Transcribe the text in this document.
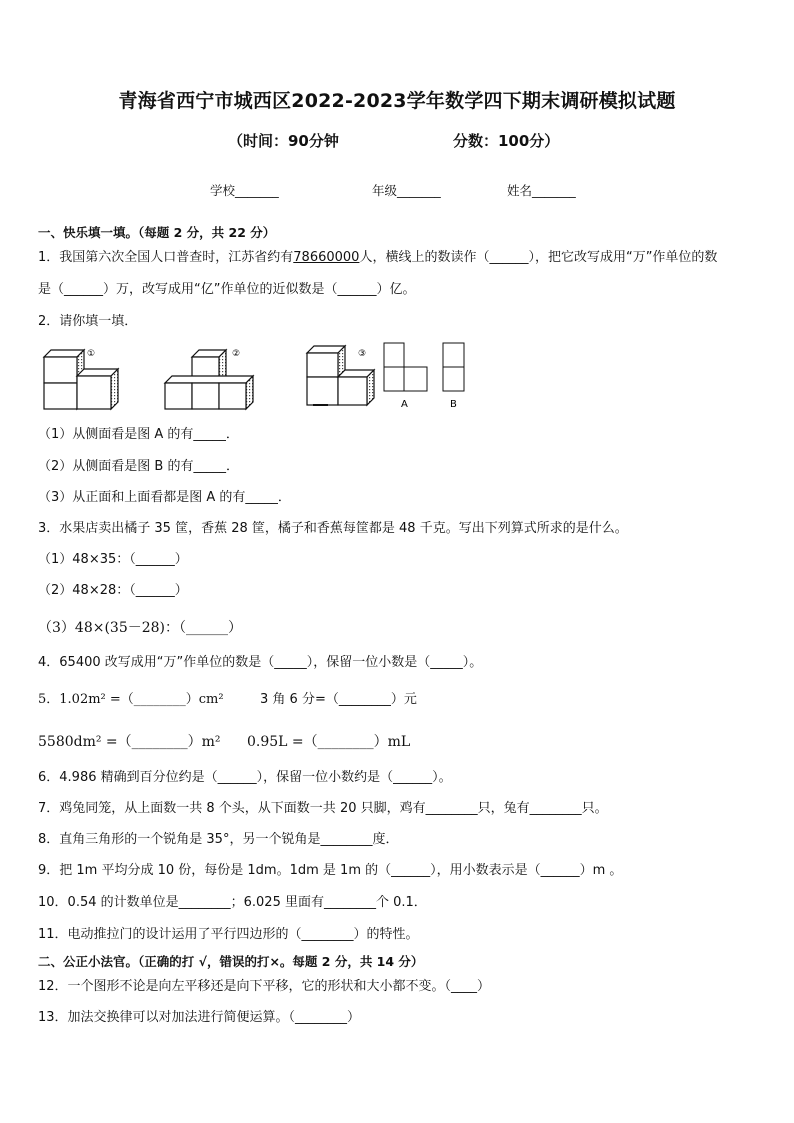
青海省西宁市城西区2022-2023学年数学四下期末调研模拟试题
（时间：90分钟	分数：100分）
学校_______	年级_______	姓名_______
一、快乐填一填。（每题 2 分，共 22 分）
1．我国第六次全国人口普查时，江苏省约有78660000人，横线上的数读作（______），把它改写成用“万”作单位的数
是（______）万，改写成用“亿”作单位的近似数是（______）亿。
2．请你填一填．
①	②	③
A	B
（1）从侧面看是图 A 的有_____．
（2）从侧面看是图 B 的有_____．
（3）从正面和上面看都是图 A 的有_____．
3．水果店卖出橘子 35 筐，香蕉 28 筐，橘子和香蕉每筐都是 48 千克。写出下列算式所求的是什么。
（1）48×35：（______）
（2）48×28：（______）
（3）48×(35－28)：（______）
4．65400 改写成用“万”作单位的数是（_____），保留一位小数是（_____）。
5．1.02m² =（________）cm²	3 角 6 分=（________）元
5580dm² =（________）m² 0.95L =（________）mL
6．4.986 精确到百分位约是（______），保留一位小数约是（______）。
7．鸡兔同笼，从上面数一共 8 个头，从下面数一共 20 只脚，鸡有________只，兔有________只。
8．直角三角形的一个锐角是 35°，另一个锐角是________度．
9．把 1m 平均分成 10 份，每份是 1dm。1dm 是 1m 的（______），用小数表示是（______）m 。
10．0.54 的计数单位是________；6.025 里面有________个 0.1．
11．电动推拉门的设计运用了平行四边形的（________）的特性。
二、公正小法官。（正确的打 √，错误的打×。每题 2 分，共 14 分）
12．一个图形不论是向左平移还是向下平移，它的形状和大小都不变。（____）
13．加法交换律可以对加法进行简便运算。（________）
